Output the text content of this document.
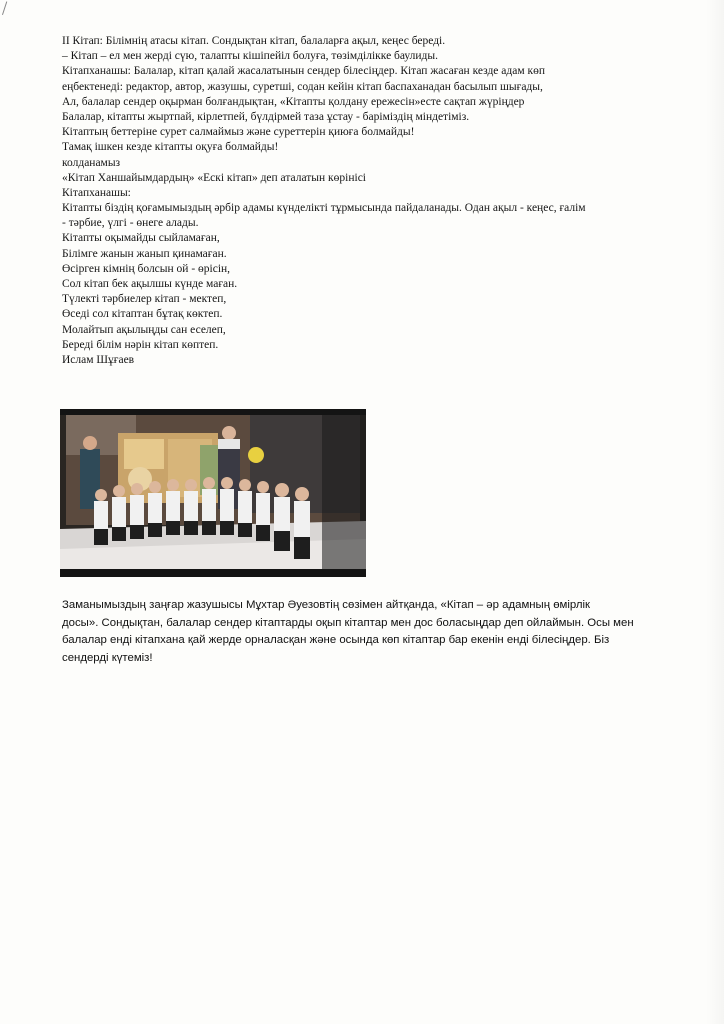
II Кітап: Білімнің атасы кітап. Сондықтан кітап, балаларға ақыл, кеңес береді.
– Кітап – ел мен жерді сүю, талапты кішіпейіл болуға, төзімділікке баулиды.
Кітапханашы: Балалар, кітап қалай жасалатынын сендер білесіңдер. Кітап жасаған кезде адам көп
еңбектенеді: редактор, автор, жазушы, суретші, содан кейін кітап баспаханадан басылып шығады,
Ал, балалар сендер оқырман болғандықтан, «Кітапты қолдану ережесін»есте сақтап жүріңдер
Балалар, кітапты жыртпай, кірлетпей, бүлдірмей таза ұстау - баріміздің міндетіміз.
Кітаптың беттеріне сурет салмаймыз және суреттерін қиюға болмайды!
Тамақ ішкен кезде кітапты оқуға болмайды!
колданамыз
«Кітап Ханшайымдардың» «Ескі кітап» деп аталатын көрінісі
Кітапханашы:
Кітапты біздің қоғамымыздың әрбір адамы күнделікті тұрмысында пайдаланады. Одан ақыл - кеңес, ғалім
- тәрбие, үлгі - өнеге алады.
Кітапты оқымайды сыйламаған,
Білімге жанын жанып қинамаған.
Өсірген кімнің болсын ой - өрісін,
Сол кітап бек ақылшы күнде маған.
Түлекті тәрбиелер кітап - мектеп,
Өседі сол кітаптан бұтақ көктеп.
Молайтып ақылыңды сан еселеп,
Береді білім нәрін кітап көптеп.
Ислам Шұғаев
Заманымыздың заңғар жазушысы Мұхтар Әуезовтің сөзімен айтқанда, «Кітап – әр адамның өмірлік
досы». Сондықтан, балалар сендер кітаптарды оқып кітаптар мен дос боласыңдар деп ойлаймын. Осы мен
балалар енді кітапхана қай жерде орналасқан және осында көп кітаптар бар екенін енді білесіңдер. Біз
сендерді күтеміз!
